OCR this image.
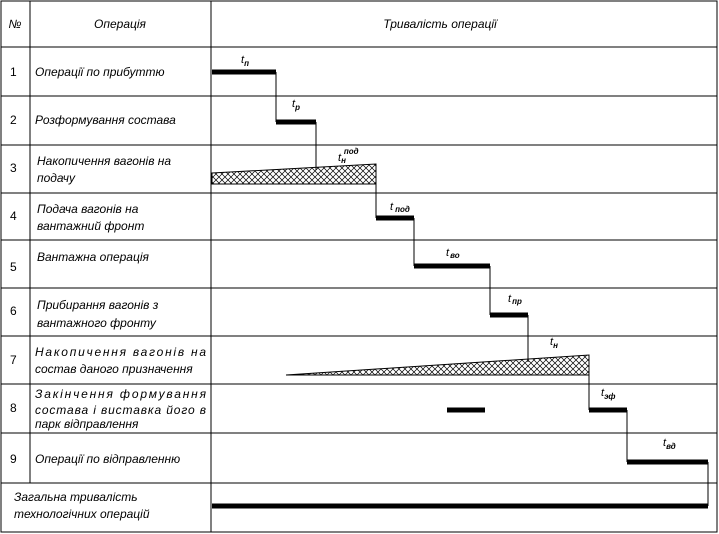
№	Операція	Тривалість операції
1 Операції по прибуттю
2 Розформування состава
3 Накопичення вагонів на
подачу
4 Подача вагонів на
вантажний фронт
5
Вантажна операція
6 Прибирання вагонів з
вантажного фронту
7
Накопичення вагонів на
состав даного призначення
8
Закінчення формування
состава і виставка його в
парк відправлення
9 Операції по відправленню
Загальна тривалість
технологічних операцій
$t_п$
$t_р$
tнпод
t под
tво
tпр
$t_н$
$t_{эф}$
$t_{вд}$
